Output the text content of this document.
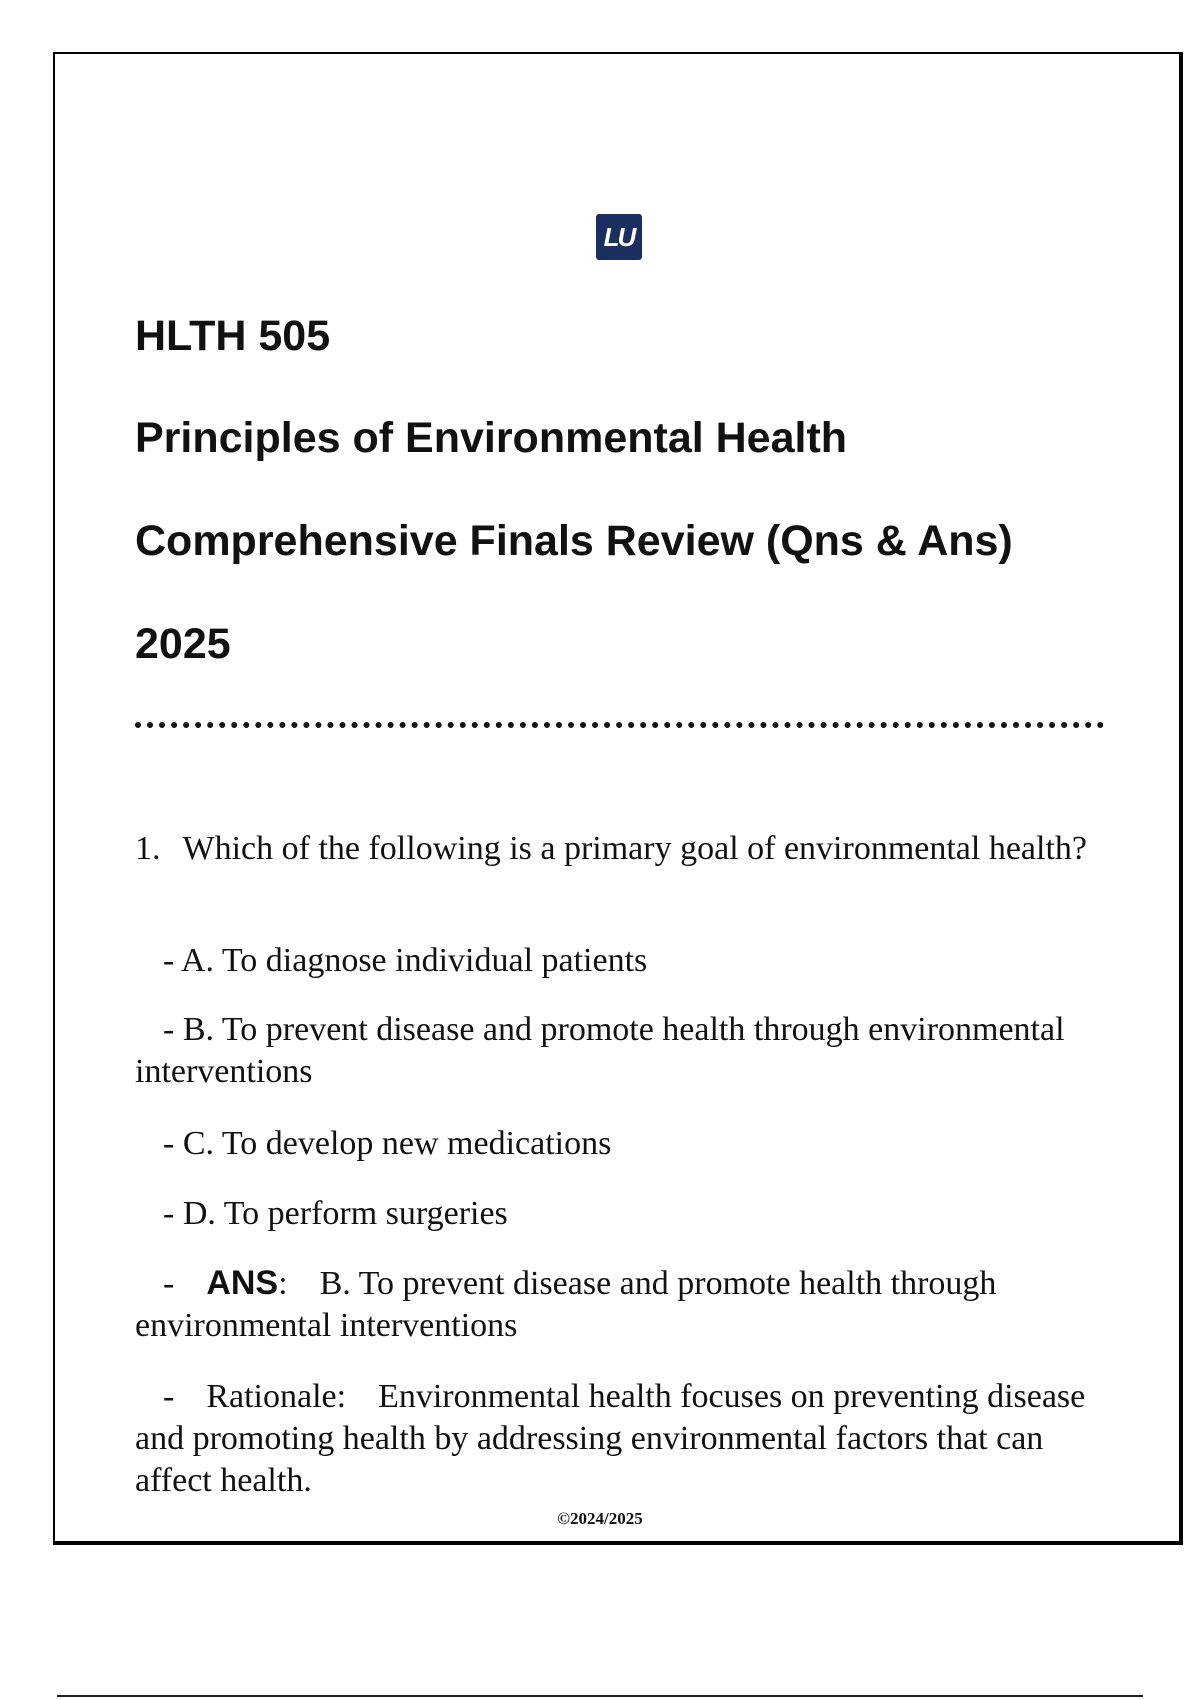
LU
HLTH 505
Principles of Environmental Health
Comprehensive Finals Review (Qns & Ans)
2025
1. Which of the following is a primary goal of environmental health?
- A. To diagnose individual patients
- B. To prevent disease and promote health through environmental interventions
- C. To develop new medications
- D. To perform surgeries
- ANS: B. To prevent disease and promote health through environmental interventions
- Rationale: Environmental health focuses on preventing disease and promoting health by addressing environmental factors that can affect health.
©2024/2025
